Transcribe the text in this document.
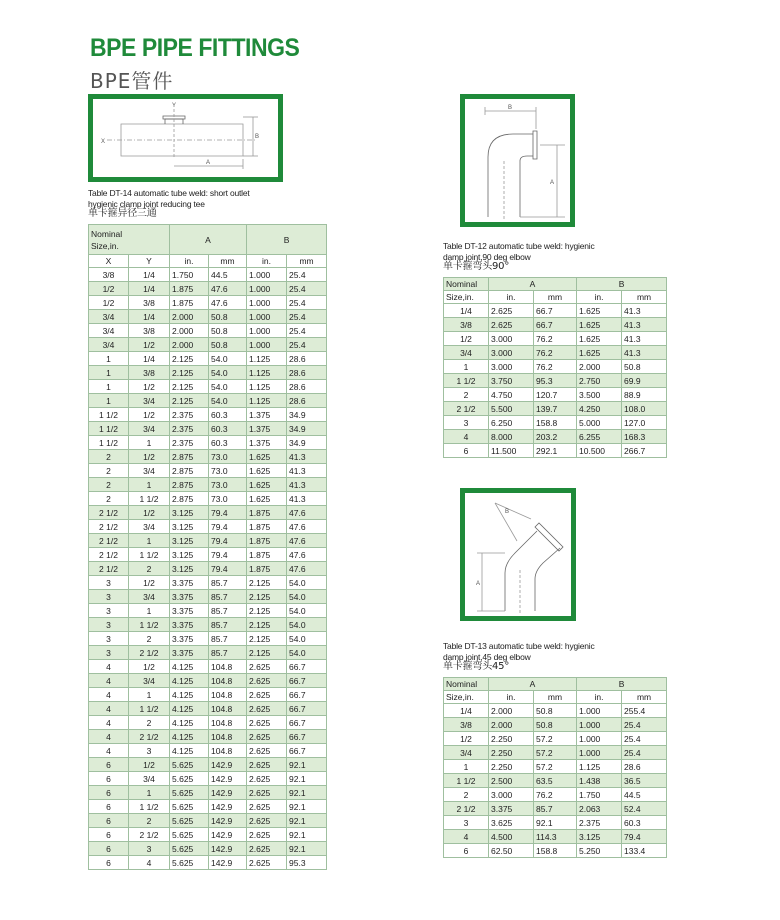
BPE PIPE FITTINGS
BPE管件
X
Y
B
A
Table DT-14 automatic tube weld: short outlet
hygienic clamp joint reducing tee
单卡箍异径三通
Nominal
Size,in.		A		B	
X	Y	in.	mm	in.	mm
3/8	1/4	1.750	44.5	1.000	25.4
1/2	1/4	1.875	47.6	1.000	25.4
1/2	3/8	1.875	47.6	1.000	25.4
3/4	1/4	2.000	50.8	1.000	25.4
3/4	3/8	2.000	50.8	1.000	25.4
3/4	1/2	2.000	50.8	1.000	25.4
1	1/4	2.125	54.0	1.125	28.6
1	3/8	2.125	54.0	1.125	28.6
1	1/2	2.125	54.0	1.125	28.6
1	3/4	2.125	54.0	1.125	28.6
1 1/2	1/2	2.375	60.3	1.375	34.9
1 1/2	3/4	2.375	60.3	1.375	34.9
1 1/2	1	2.375	60.3	1.375	34.9
2	1/2	2.875	73.0	1.625	41.3
2	3/4	2.875	73.0	1.625	41.3
2	1	2.875	73.0	1.625	41.3
2	1 1/2	2.875	73.0	1.625	41.3
2 1/2	1/2	3.125	79.4	1.875	47.6
2 1/2	3/4	3.125	79.4	1.875	47.6
2 1/2	1	3.125	79.4	1.875	47.6
2 1/2	1 1/2	3.125	79.4	1.875	47.6
2 1/2	2	3.125	79.4	1.875	47.6
3	1/2	3.375	85.7	2.125	54.0
3	3/4	3.375	85.7	2.125	54.0
3	1	3.375	85.7	2.125	54.0
3	1 1/2	3.375	85.7	2.125	54.0
3	2	3.375	85.7	2.125	54.0
3	2 1/2	3.375	85.7	2.125	54.0
4	1/2	4.125	104.8	2.625	66.7
4	3/4	4.125	104.8	2.625	66.7
4	1	4.125	104.8	2.625	66.7
4	1 1/2	4.125	104.8	2.625	66.7
4	2	4.125	104.8	2.625	66.7
4	2 1/2	4.125	104.8	2.625	66.7
4	3	4.125	104.8	2.625	66.7
6	1/2	5.625	142.9	2.625	92.1
6	3/4	5.625	142.9	2.625	92.1
6	1	5.625	142.9	2.625	92.1
6	1 1/2	5.625	142.9	2.625	92.1
6	2	5.625	142.9	2.625	92.1
6	2 1/2	5.625	142.9	2.625	92.1
6	3	5.625	142.9	2.625	92.1
6	4	5.625	142.9	2.625	95.3
B
A
Table DT-12 automatic tube weld: hygienic
damp joint,90 deg elbow
单卡箍弯头90°
Nominal	A		B	
Size,in.	in.	mm	in.	mm
1/4	2.625	66.7	1.625	41.3
3/8	2.625	66.7	1.625	41.3
1/2	3.000	76.2	1.625	41.3
3/4	3.000	76.2	1.625	41.3
1	3.000	76.2	2.000	50.8
1 1/2	3.750	95.3	2.750	69.9
2	4.750	120.7	3.500	88.9
2 1/2	5.500	139.7	4.250	108.0
3	6.250	158.8	5.000	127.0
4	8.000	203.2	6.255	168.3
6	11.500	292.1	10.500	266.7
B
A
Table DT-13 automatic tube weld: hygienic
damp joint,45 deg elbow
单卡箍弯头45°
Nominal	A		B	
Size,in.	in.	mm	in.	mm
1/4	2.000	50.8	1.000	255.4
3/8	2.000	50.8	1.000	25.4
1/2	2.250	57.2	1.000	25.4
3/4	2.250	57.2	1.000	25.4
1	2.250	57.2	1.125	28.6
1 1/2	2.500	63.5	1.438	36.5
2	3.000	76.2	1.750	44.5
2 1/2	3.375	85.7	2.063	52.4
3	3.625	92.1	2.375	60.3
4	4.500	114.3	3.125	79.4
6	62.50	158.8	5.250	133.4
